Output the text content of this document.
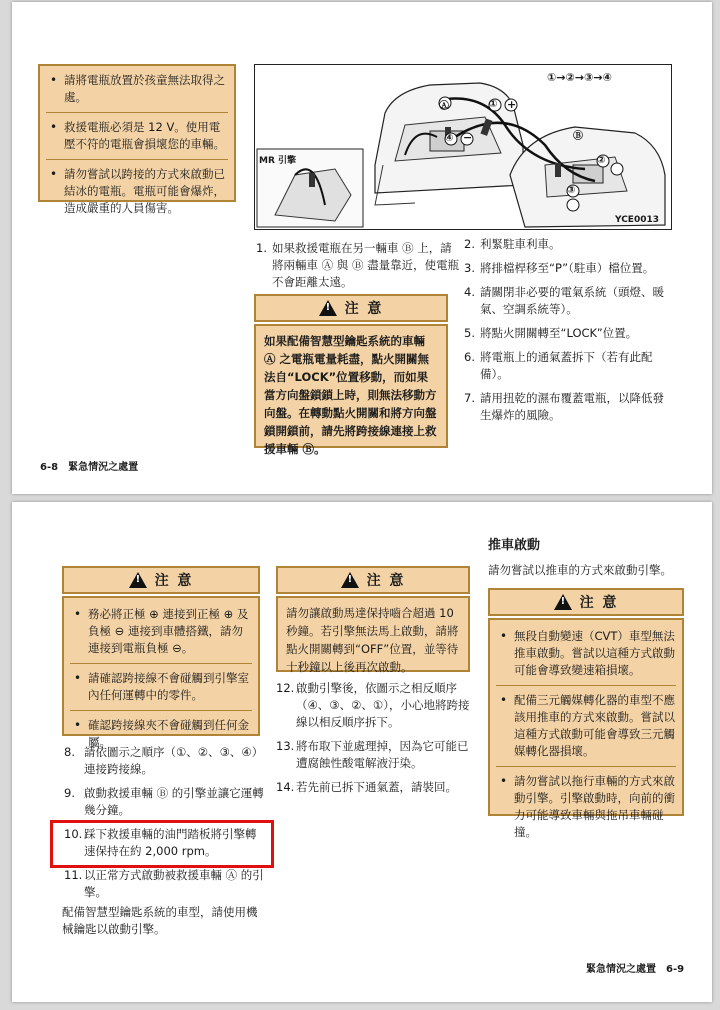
• 請將電瓶放置於孩童無法取得之處。
• 救援電瓶必須是 12 V。使用電壓不符的電瓶會損壞您的車輛。
• 請勿嘗試以跨接的方式來啟動已結冰的電瓶。電瓶可能會爆炸，造成嚴重的人員傷害。
①→②→③→④
MR 引擎
YCE0013
Ⓐ
Ⓑ
①
②
③
④
+
−
1. 如果救援電瓶在另一輛車 Ⓑ 上，請將兩輛車 Ⓐ 與 Ⓑ 盡量靠近，使電瓶不會距離太遠。
!
注 意
如果配備智慧型鑰匙系統的車輛 Ⓐ 之電瓶電量耗盡，點火開關無法自“LOCK”位置移動，而如果當方向盤鎖鎖上時，則無法移動方向盤。在轉動點火開關和將方向盤鎖開鎖前，請先將跨接線連接上救援車輛 Ⓑ。
2. 利緊駐車利車。
3. 將排檔桿移至“P”（駐車）檔位置。
4. 請關閉非必要的電氣系統（頭燈、暖氣、空調系統等）。
5. 將點火開關轉至“LOCK”位置。
6. 將電瓶上的通氣蓋拆下（若有此配備）。
7. 請用扭乾的濕布覆蓋電瓶，以降低發生爆炸的風險。
6-8　緊急情況之處置
!
注 意
• 務必將正極 ⊕ 連接到正極 ⊕ 及負極 ⊖ 連接到車體搭鐵，請勿連接到電瓶負極 ⊖。
• 請確認跨接線不會碰觸到引擎室內任何運轉中的零件。
• 確認跨接線夾不會碰觸到任何金屬。
8. 請依圖示之順序（①、②、③、④）連接跨接線。
9. 啟動救援車輛 Ⓑ 的引擎並讓它運轉幾分鐘。
10. 踩下救援車輛的油門踏板將引擎轉速保持在約 2,000 rpm。
11. 以正常方式啟動被救援車輛 Ⓐ 的引擎。
配備智慧型鑰匙系統的車型，請使用機械鑰匙以啟動引擎。
!
注 意
請勿讓啟動馬達保持嚙合超過 10 秒鐘。若引擎無法馬上啟動，請將點火開關轉到“OFF”位置，並等待十秒鐘以上後再次啟動。
12. 啟動引擎後，依圖示之相反順序（④、③、②、①），小心地將跨接線以相反順序拆下。
13. 將布取下並處理掉，因為它可能已遭腐蝕性酸電解液汙染。
14. 若先前已拆下通氣蓋，請裝回。
推車啟動
請勿嘗試以推車的方式來啟動引擎。
!
注 意
• 無段自動變速（CVT）車型無法推車啟動。嘗試以這種方式啟動可能會導致變速箱損壞。
• 配備三元觸媒轉化器的車型不應該用推車的方式來啟動。嘗試以這種方式啟動可能會導致三元觸媒轉化器損壞。
• 請勿嘗試以拖行車輛的方式來啟動引擎。引擎啟動時，向前的衝力可能導致車輛與拖吊車輛碰撞。
緊急情況之處置　6-9
